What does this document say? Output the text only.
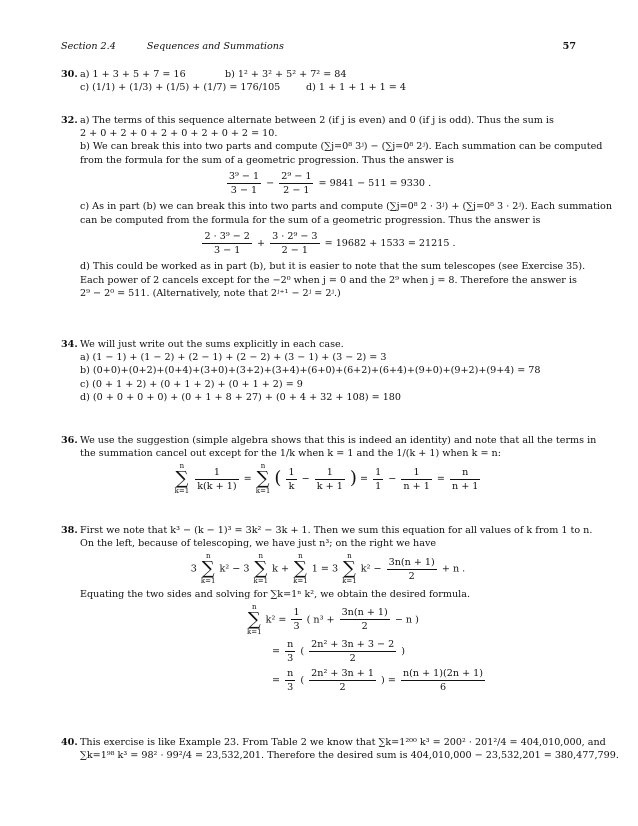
Section 2.4	Sequences and Summations	57
30. a) 1 + 3 + 5 + 7 = 16	b) 1² + 3² + 5² + 7² = 84
c) (1/1) + (1/3) + (1/5) + (1/7) = 176/105	d) 1 + 1 + 1 + 1 = 4
32. a) The terms of this sequence alternate between 2 (if j is even) and 0 (if j is odd). Thus the sum is
2 + 0 + 2 + 0 + 2 + 0 + 2 + 0 + 2 = 10.
b) We can break this into two parts and compute (∑j=0⁸ 3ʲ) − (∑j=0⁸ 2ʲ). Each summation can be computed
from the formula for the sum of a geometric progression. Thus the answer is
$\frac{\text{3⁹ − 1}}{3 - 1} - \frac{\text{2⁹ − 1}}{2 - 1} = 9841 - 511 = 9330$ .
c) As in part (b) we can break this into two parts and compute (∑j=0⁸ 2 · 3ʲ) + (∑j=0⁸ 3 · 2ʲ). Each summation
can be computed from the formula for the sum of a geometric progression. Thus the answer is
$\frac{\text{2 · 3⁹ − 2}}{3 - 1} + \frac{\text{3 · 2⁹ − 3}}{2 - 1} = 19682 + 1533 = 21215$ .
d) This could be worked as in part (b), but it is easier to note that the sum telescopes (see Exercise 35).
Each power of 2 cancels except for the −2⁰ when j = 0 and the 2⁹ when j = 8. Therefore the answer is
2⁹ − 2⁰ = 511. (Alternatively, note that 2ʲ⁺¹ − 2ʲ = 2ʲ.)
34. We will just write out the sums explicitly in each case.
a) (1 − 1) + (1 − 2) + (2 − 1) + (2 − 2) + (3 − 1) + (3 − 2) = 3
b) (0+0)+(0+2)+(0+4)+(3+0)+(3+2)+(3+4)+(6+0)+(6+2)+(6+4)+(9+0)+(9+2)+(9+4) = 78
c) (0 + 1 + 2) + (0 + 1 + 2) + (0 + 1 + 2) = 9
d) (0 + 0 + 0 + 0) + (0 + 1 + 8 + 27) + (0 + 4 + 32 + 108) = 180
36. We use the suggestion (simple algebra shows that this is indeed an identity) and note that all the terms in
the summation cancel out except for the 1/k when k = 1 and the 1/(k + 1) when k = n:
n
∑
$k=1 \frac{1}{k(k + 1)} = n$
∑
k=1 ( $\frac{1}{k} - \frac{1}{k + 1}$ ) = $\frac{1}{1} - \frac{1}{n + 1} = \frac{n}{n + 1}$
38. First we note that k³ − (k − 1)³ = 3k² − 3k + 1. Then we sum this equation for all values of k from 1 to n.
On the left, because of telescoping, we have just n³; on the right we have
3 n
∑
k=1 k² − 3 n
∑
k=1 k + n
∑
k=1 1 = 3 n
∑
k=1 $k^2 - \frac{3n(n + 1)}{2} + n$ .
Equating the two sides and solving for ∑k=1ⁿ k², we obtain the desired formula.
n
∑
k=1 $k^2 = \frac{1}{3}$ ( $n^3 + \frac{3n(n + 1)}{2} - n$ )
= $\frac{n}{3}$ ( $\frac{\text{2n² + 3n + 3 − 2}}{2}$ )
= $\frac{n}{3}$ ( $\frac{\text{2n² + 3n + 1}}{2}$ ) = $\frac{n(n + 1)(2n + 1)}{6}$
40. This exercise is like Example 23. From Table 2 we know that ∑k=1²⁰⁰ k³ = 200² · 201²/4 = 404,010,000, and
∑k=1⁹⁸ k³ = 98² · 99²/4 = 23,532,201. Therefore the desired sum is 404,010,000 − 23,532,201 = 380,477,799.
